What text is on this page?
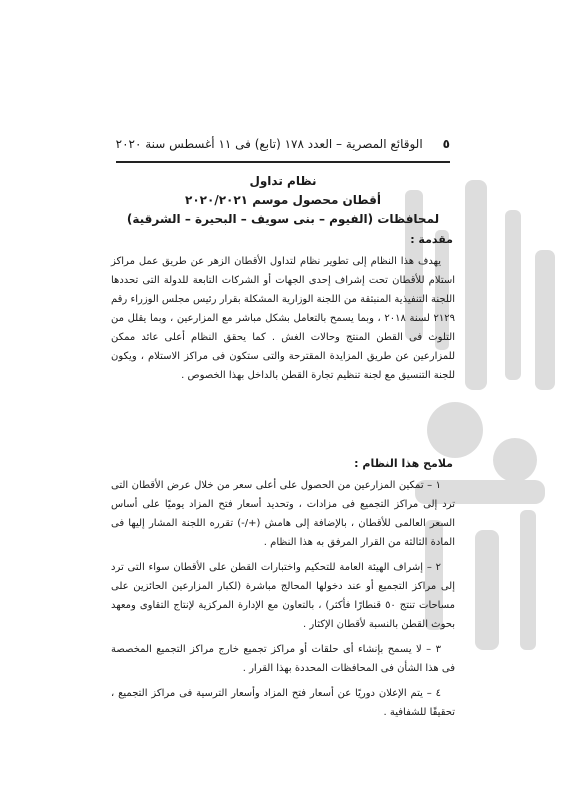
٥
الوقائع المصرية – العدد ١٧٨ (تابع) فى ١١ أغسطس سنة ٢٠٢٠
نظام تداول
أقطان محصول موسم ٢٠٢٠/٢٠٢١
لمحافظات (الفيوم – بنى سويف – البحيرة – الشرقية)
مقدمة :

يهدف هذا النظام إلى تطوير نظام لتداول الأقطان الزهر عن طريق عمل مراكز استلام للأقطان تحت إشراف إحدى الجهات أو الشركات التابعة للدولة التى تحددها اللجنة التنفيذية المنبثقة من اللجنة الوزارية المشكلة بقرار رئيس مجلس الوزراء رقم ٢١٢٩ لسنة ٢٠١٨ ، وبما يسمح بالتعامل بشكل مباشر مع المزارعين ، وبما يقلل من التلوث فى القطن المنتج وحالات الغش . كما يحقق النظام أعلى عائد ممكن للمزارعين عن طريق المزايدة المقترحة والتى ستكون فى مراكز الاستلام ، ويكون للجنة التنسيق مع لجنة تنظيم تجارة القطن بالداخل بهذا الخصوص .

ملامح هذا النظام :

١ – تمكين المزارعين من الحصول على أعلى سعر من خلال عرض الأقطان التى ترد إلى مراكز التجميع فى مزادات ، وتحديد أسعار فتح المزاد يوميًا على أساس السعر العالمى للأقطان ، بالإضافة إلى هامش (+/-) تقرره اللجنة المشار إليها فى المادة الثالثة من القرار المرفق به هذا النظام .

٢ – إشراف الهيئة العامة للتحكيم واختبارات القطن على الأقطان سواء التى ترد إلى مراكز التجميع أو عند دخولها المحالج مباشرة (لكبار المزارعين الحائزين على مساحات تنتج ٥٠ قنطارًا فأكثر) ، بالتعاون مع الإدارة المركزية لإنتاج التقاوى ومعهد بحوث القطن بالنسبة لأقطان الإكثار .

٣ – لا يسمح بإنشاء أى حلقات أو مراكز تجميع خارج مراكز التجميع المخصصة فى هذا الشأن فى المحافظات المحددة بهذا القرار .

٤ – يتم الإعلان دوريًا عن أسعار فتح المزاد وأسعار الترسية فى مراكز التجميع ، تحقيقًا للشفافية .
